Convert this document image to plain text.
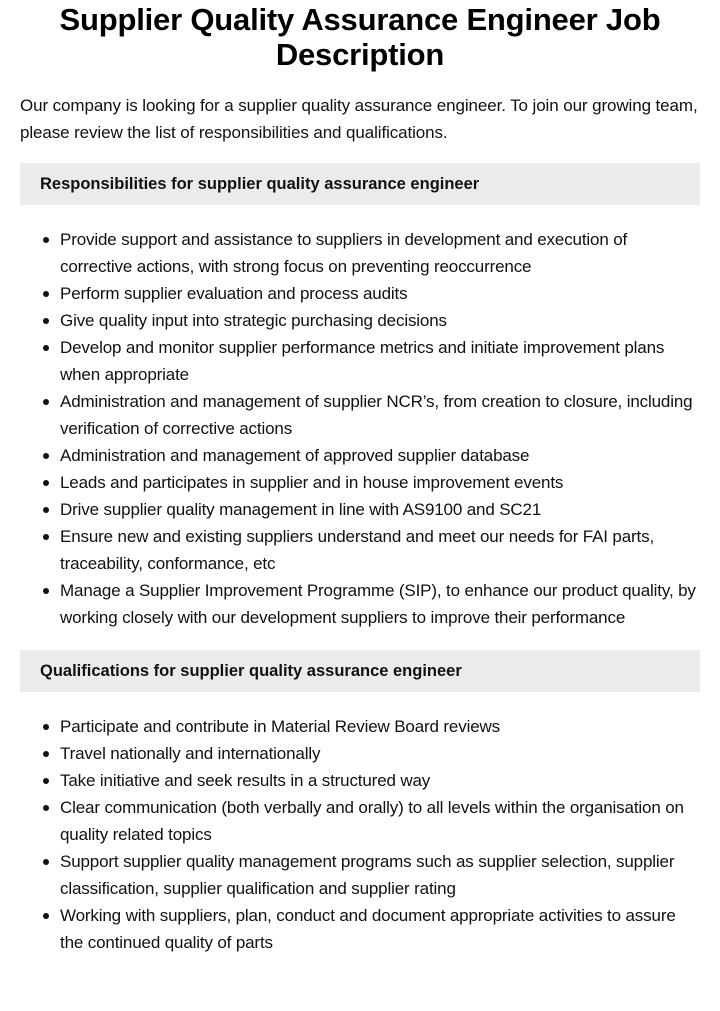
Supplier Quality Assurance Engineer Job Description

Our company is looking for a supplier quality assurance engineer. To join our growing team, please review the list of responsibilities and qualifications.

Responsibilities for supplier quality assurance engineer
Provide support and assistance to suppliers in development and execution of corrective actions, with strong focus on preventing reoccurrence
Perform supplier evaluation and process audits
Give quality input into strategic purchasing decisions
Develop and monitor supplier performance metrics and initiate improvement plans when appropriate
Administration and management of supplier NCR’s, from creation to closure, including verification of corrective actions
Administration and management of approved supplier database
Leads and participates in supplier and in house improvement events
Drive supplier quality management in line with AS9100 and SC21
Ensure new and existing suppliers understand and meet our needs for FAI parts, traceability, conformance, etc
Manage a Supplier Improvement Programme (SIP), to enhance our product quality, by working closely with our development suppliers to improve their performance
Qualifications for supplier quality assurance engineer
Participate and contribute in Material Review Board reviews
Travel nationally and internationally
Take initiative and seek results in a structured way
Clear communication (both verbally and orally) to all levels within the organisation on quality related topics
Support supplier quality management programs such as supplier selection, supplier classification, supplier qualification and supplier rating
Working with suppliers, plan, conduct and document appropriate activities to assure the continued quality of parts
